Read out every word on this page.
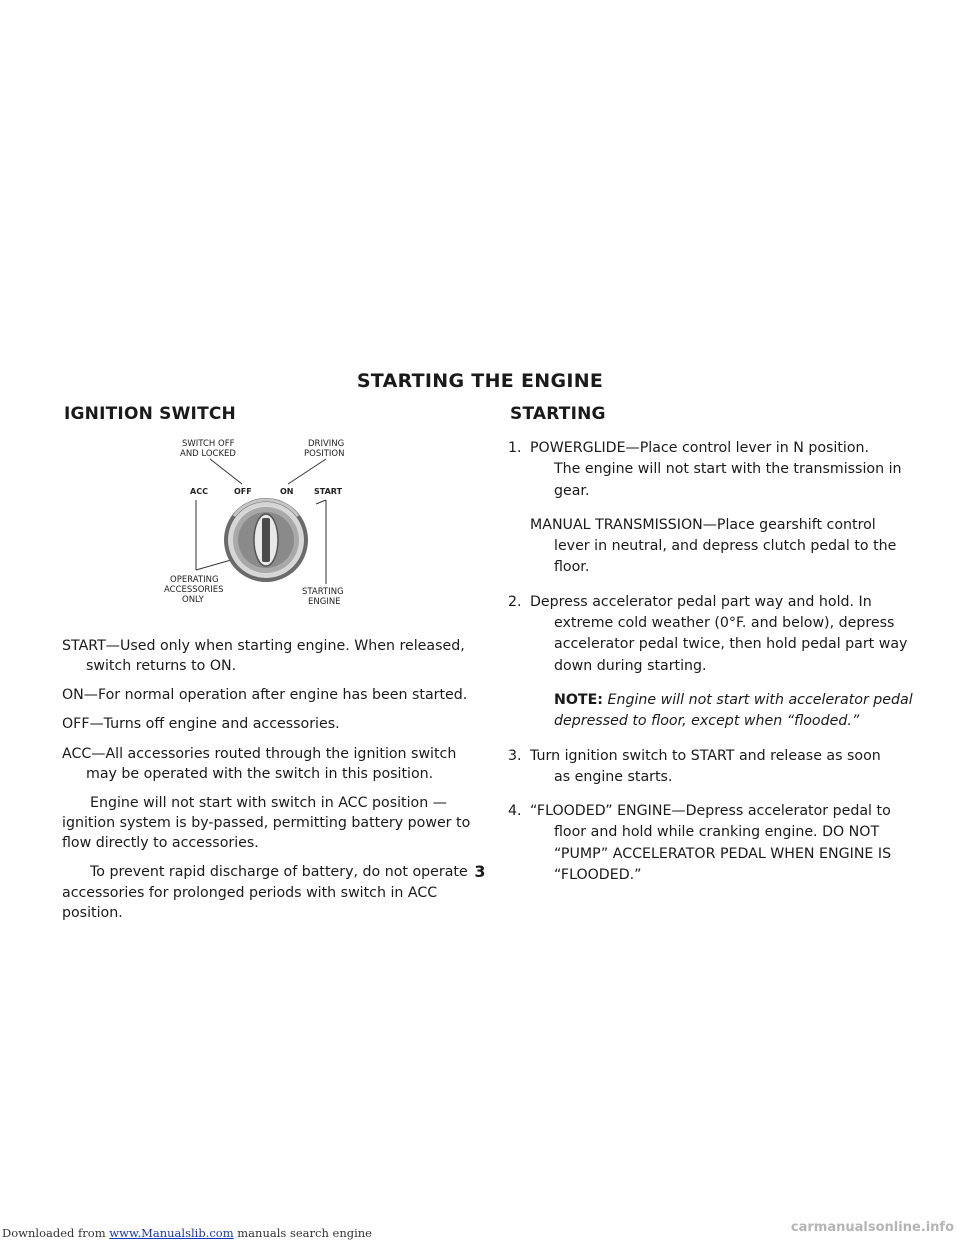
STARTING THE ENGINE
IGNITION SWITCH	STARTING
SWITCH OFF
AND LOCKED
DRIVING
POSITION
ACC	OFF	ON	START
OPERATING
ACCESSORIES
ONLY
STARTING
ENGINE

START—Used only when starting engine. When released, switch returns to ON.

ON—For normal operation after engine has been started.

OFF—Turns off engine and accessories.

ACC—All accessories routed through the ignition switch may be operated with the switch in this position.

Engine will not start with switch in ACC position —ignition system is by-passed, permitting battery power to flow directly to accessories.

To prevent rapid discharge of battery, do not operate accessories for prolonged periods with switch in ACC position.

1. POWERGLIDE—Place control lever in N position.
The engine will not start with the transmission in gear.
MANUAL TRANSMISSION—Place gearshift control
lever in neutral, and depress clutch pedal to the floor.
2. Depress accelerator pedal part way and hold. In
extreme cold weather (0°F. and below), depress accelerator pedal twice, then hold pedal part way down during starting.
NOTE: Engine will not start with accelerator pedal depressed to floor, except when “flooded.”
3. Turn ignition switch to START and release as soon
as engine starts.
4. “FLOODED” ENGINE—Depress accelerator pedal to
floor and hold while cranking engine. DO NOT “PUMP” ACCELERATOR PEDAL WHEN ENGINE IS “FLOODED.”
3
Downloaded from www.Manualslib.com manuals search engine	carmanualsonline.info
